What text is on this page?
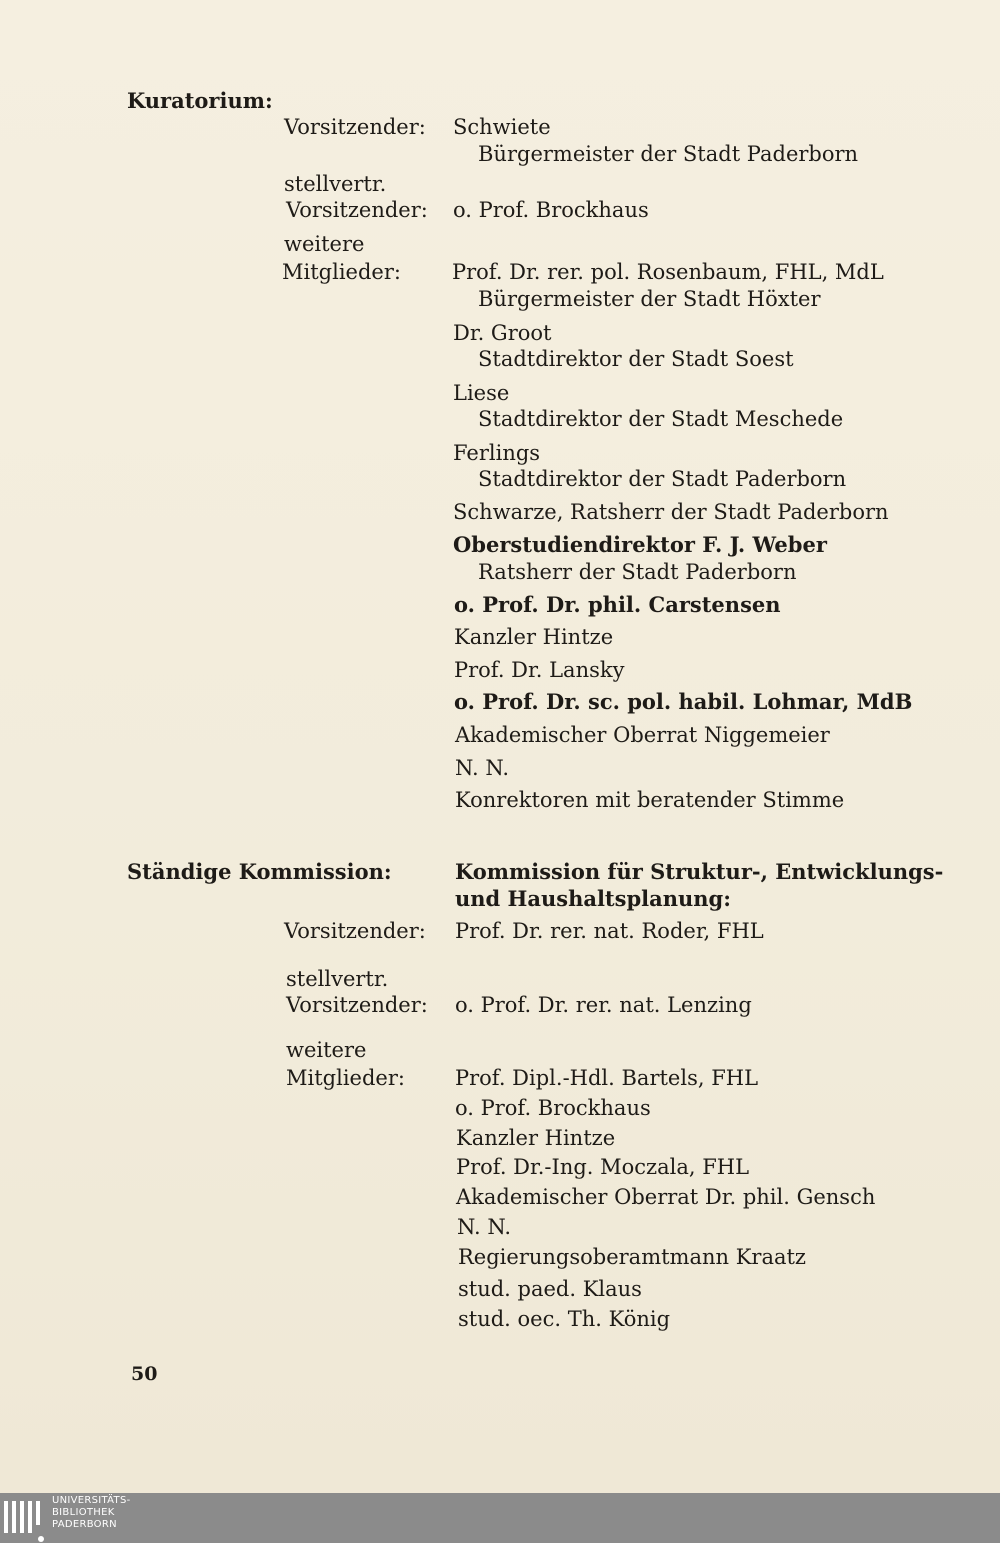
Kuratorium:
Vorsitzender: Schwiete
Bürgermeister der Stadt Paderborn
stellvertr.
Vorsitzender: o. Prof. Brockhaus
weitere
Mitglieder: Prof. Dr. rer. pol. Rosenbaum, FHL, MdL
Bürgermeister der Stadt Höxter
Dr. Groot
Stadtdirektor der Stadt Soest
Liese
Stadtdirektor der Stadt Meschede
Ferlings
Stadtdirektor der Stadt Paderborn
Schwarze, Ratsherr der Stadt Paderborn
Oberstudiendirektor F. J. Weber
Ratsherr der Stadt Paderborn
o. Prof. Dr. phil. Carstensen
Kanzler Hintze
Prof. Dr. Lansky
o. Prof. Dr. sc. pol. habil. Lohmar, MdB
Akademischer Oberrat Niggemeier
N. N.
Konrektoren mit beratender Stimme
Ständige Kommission:	Kommission für Struktur-, Entwicklungs-
und Haushaltsplanung:
Vorsitzender: Prof. Dr. rer. nat. Roder, FHL
stellvertr.
Vorsitzender: o. Prof. Dr. rer. nat. Lenzing
weitere
Mitglieder: Prof. Dipl.-Hdl. Bartels, FHL
o. Prof. Brockhaus
Kanzler Hintze
Prof. Dr.-Ing. Moczala, FHL
Akademischer Oberrat Dr. phil. Gensch
N. N.
Regierungsoberamtmann Kraatz
stud. paed. Klaus
stud. oec. Th. König
50
UNIVERSITÄTS-
BIBLIOTHEK
PADERBORN
